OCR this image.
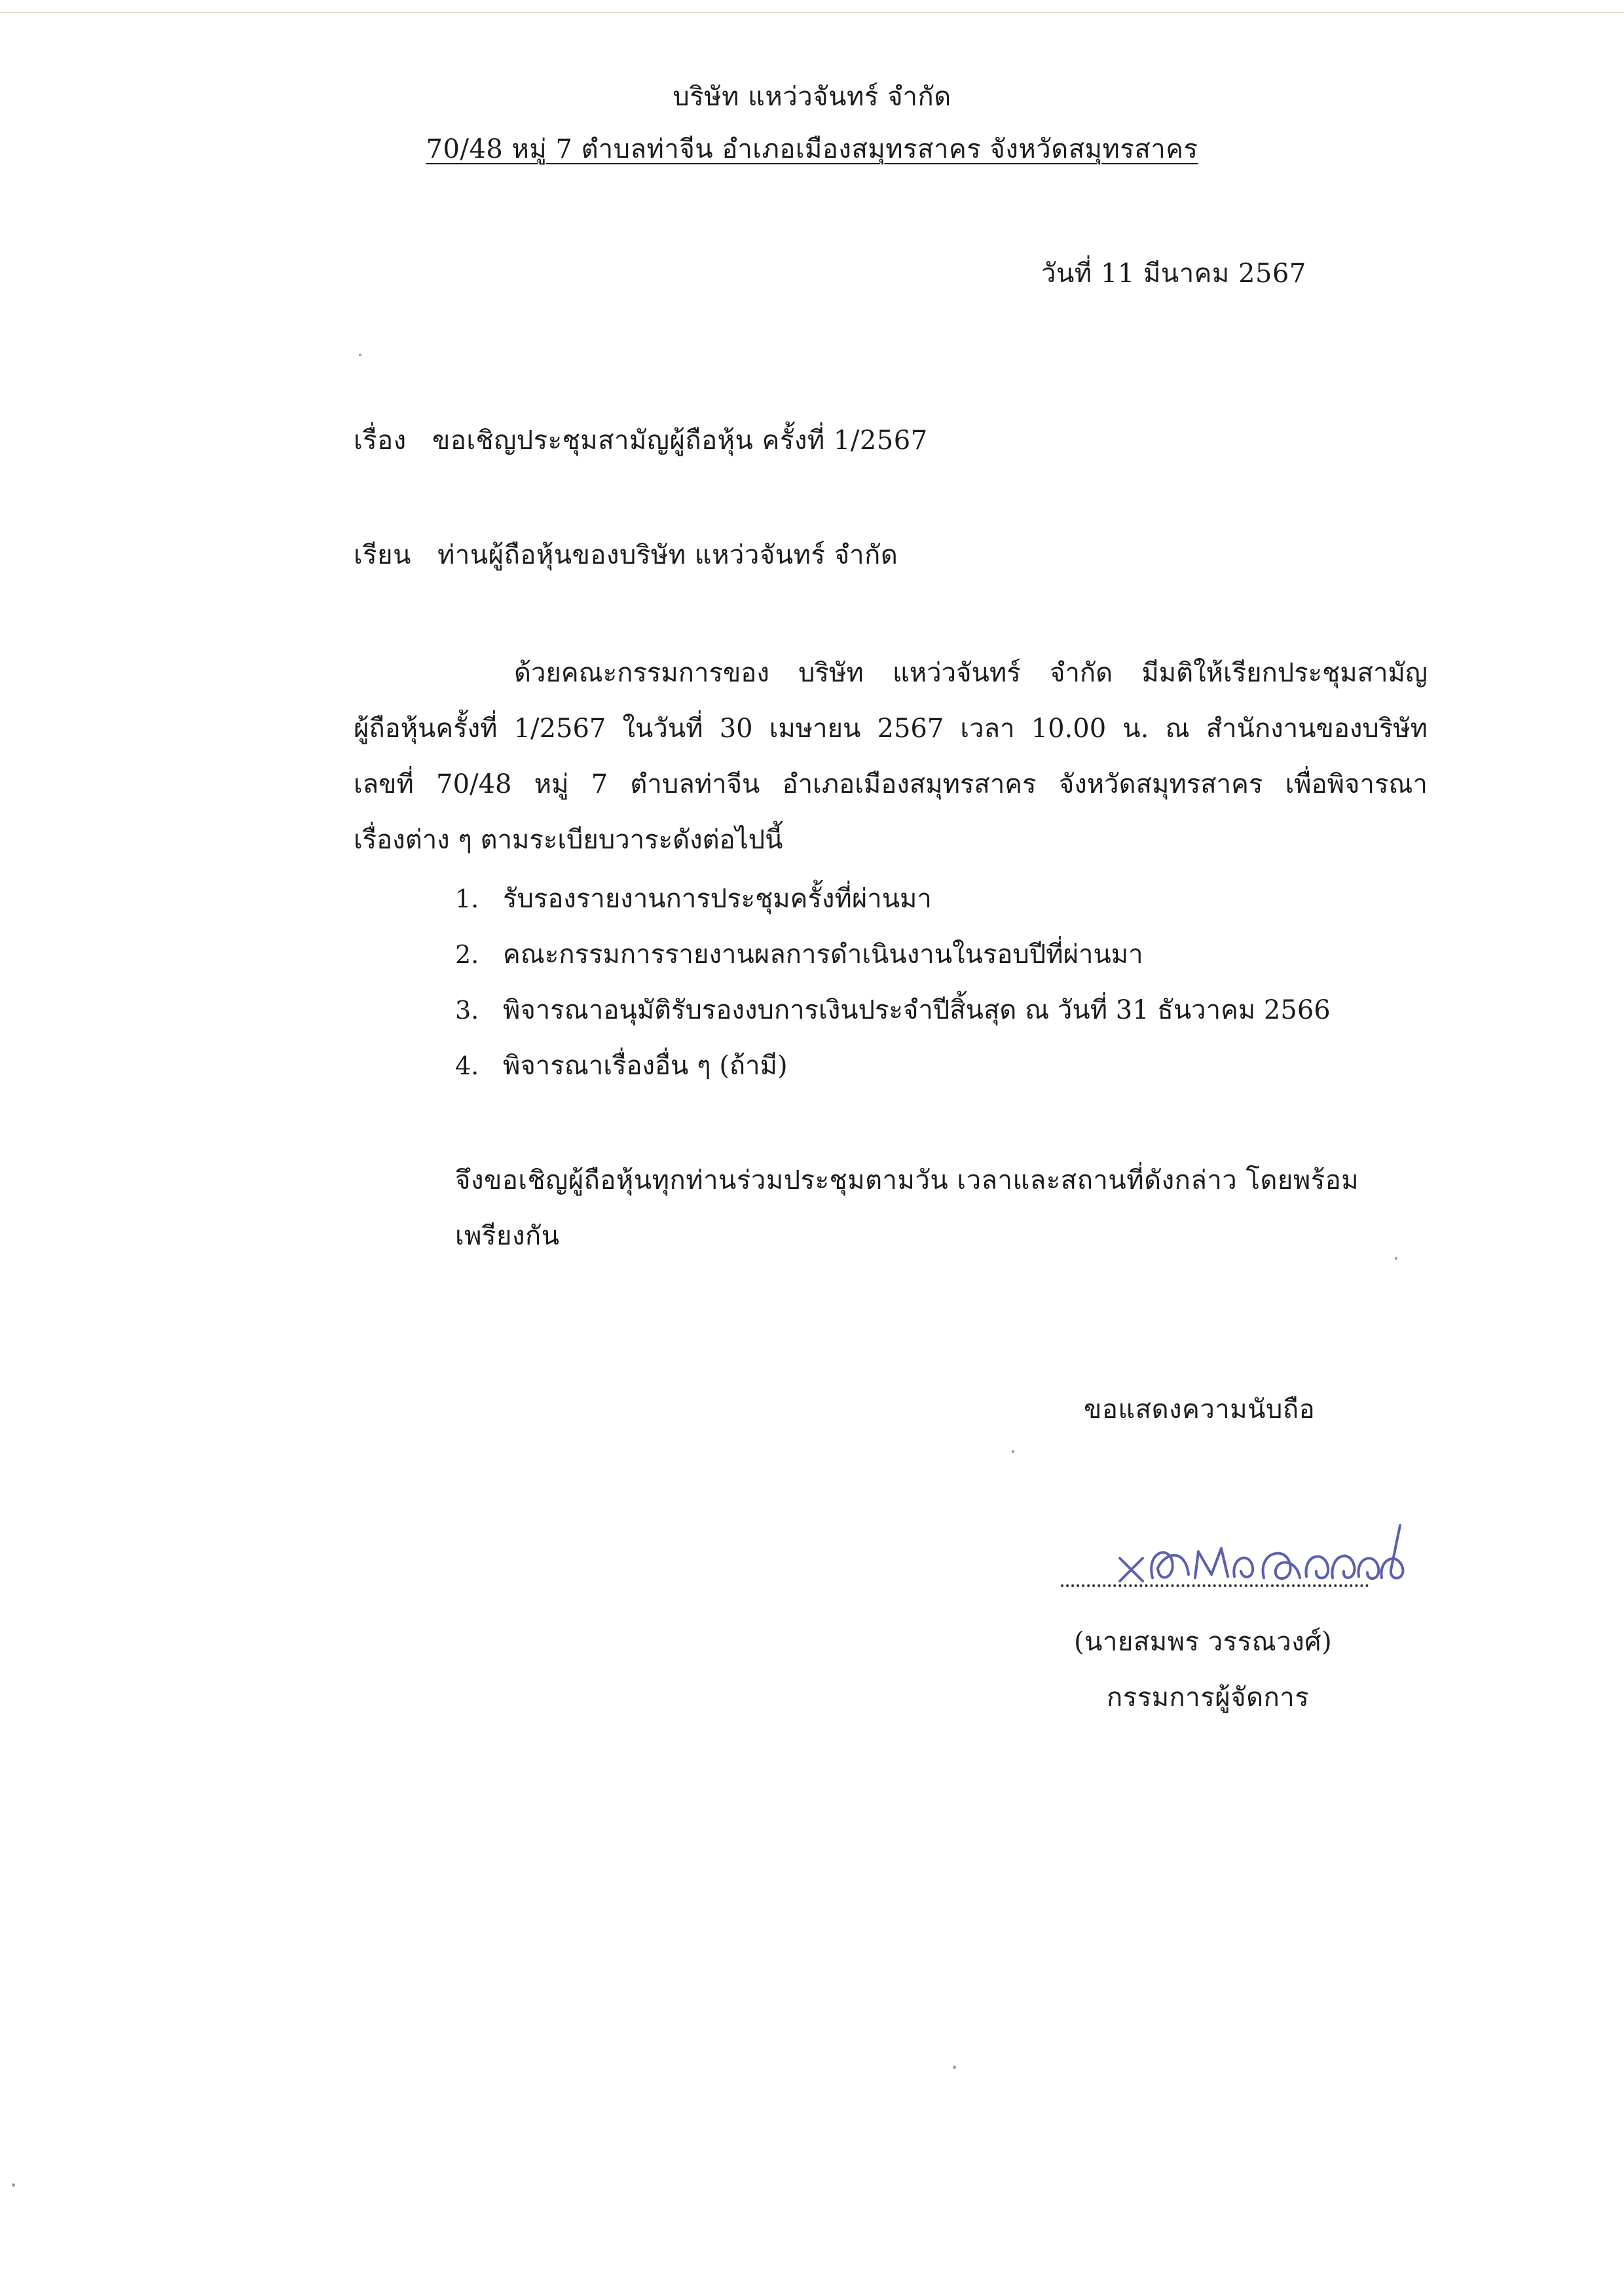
บริษัท แหว่วจันทร์ จำกัด
70/48 หมู่ 7 ตำบลท่าจีน อำเภอเมืองสมุทรสาคร จังหวัดสมุทรสาคร
วันที่ 11 มีนาคม 2567
เรื่อง ขอเชิญประชุมสามัญผู้ถือหุ้น ครั้งที่ 1/2567
เรียน ท่านผู้ถือหุ้นของบริษัท แหว่วจันทร์ จำกัด
ด้วยคณะกรรมการของ บริษัท แหว่วจันทร์ จำกัด มีมติให้เรียกประชุมสามัญ
ผู้ถือหุ้นครั้งที่ 1/2567 ในวันที่ 30 เมษายน 2567 เวลา 10.00 น. ณ สำนักงานของบริษัท
เลขที่ 70/48 หมู่ 7 ตำบลท่าจีน อำเภอเมืองสมุทรสาคร จังหวัดสมุทรสาคร เพื่อพิจารณา
เรื่องต่าง ๆ ตามระเบียบวาระดังต่อไปนี้
1. รับรองรายงานการประชุมครั้งที่ผ่านมา
2. คณะกรรมการรายงานผลการดำเนินงานในรอบปีที่ผ่านมา
3. พิจารณาอนุมัติรับรองงบการเงินประจำปีสิ้นสุด ณ วันที่ 31 ธันวาคม 2566
4. พิจารณาเรื่องอื่น ๆ (ถ้ามี)
จึงขอเชิญผู้ถือหุ้นทุกท่านร่วมประชุมตามวัน เวลาและสถานที่ดังกล่าว โดยพร้อม
เพรียงกัน
ขอแสดงความนับถือ
สมพร วรรณวงศ์
(นายสมพร วรรณวงศ์)
กรรมการผู้จัดการ
